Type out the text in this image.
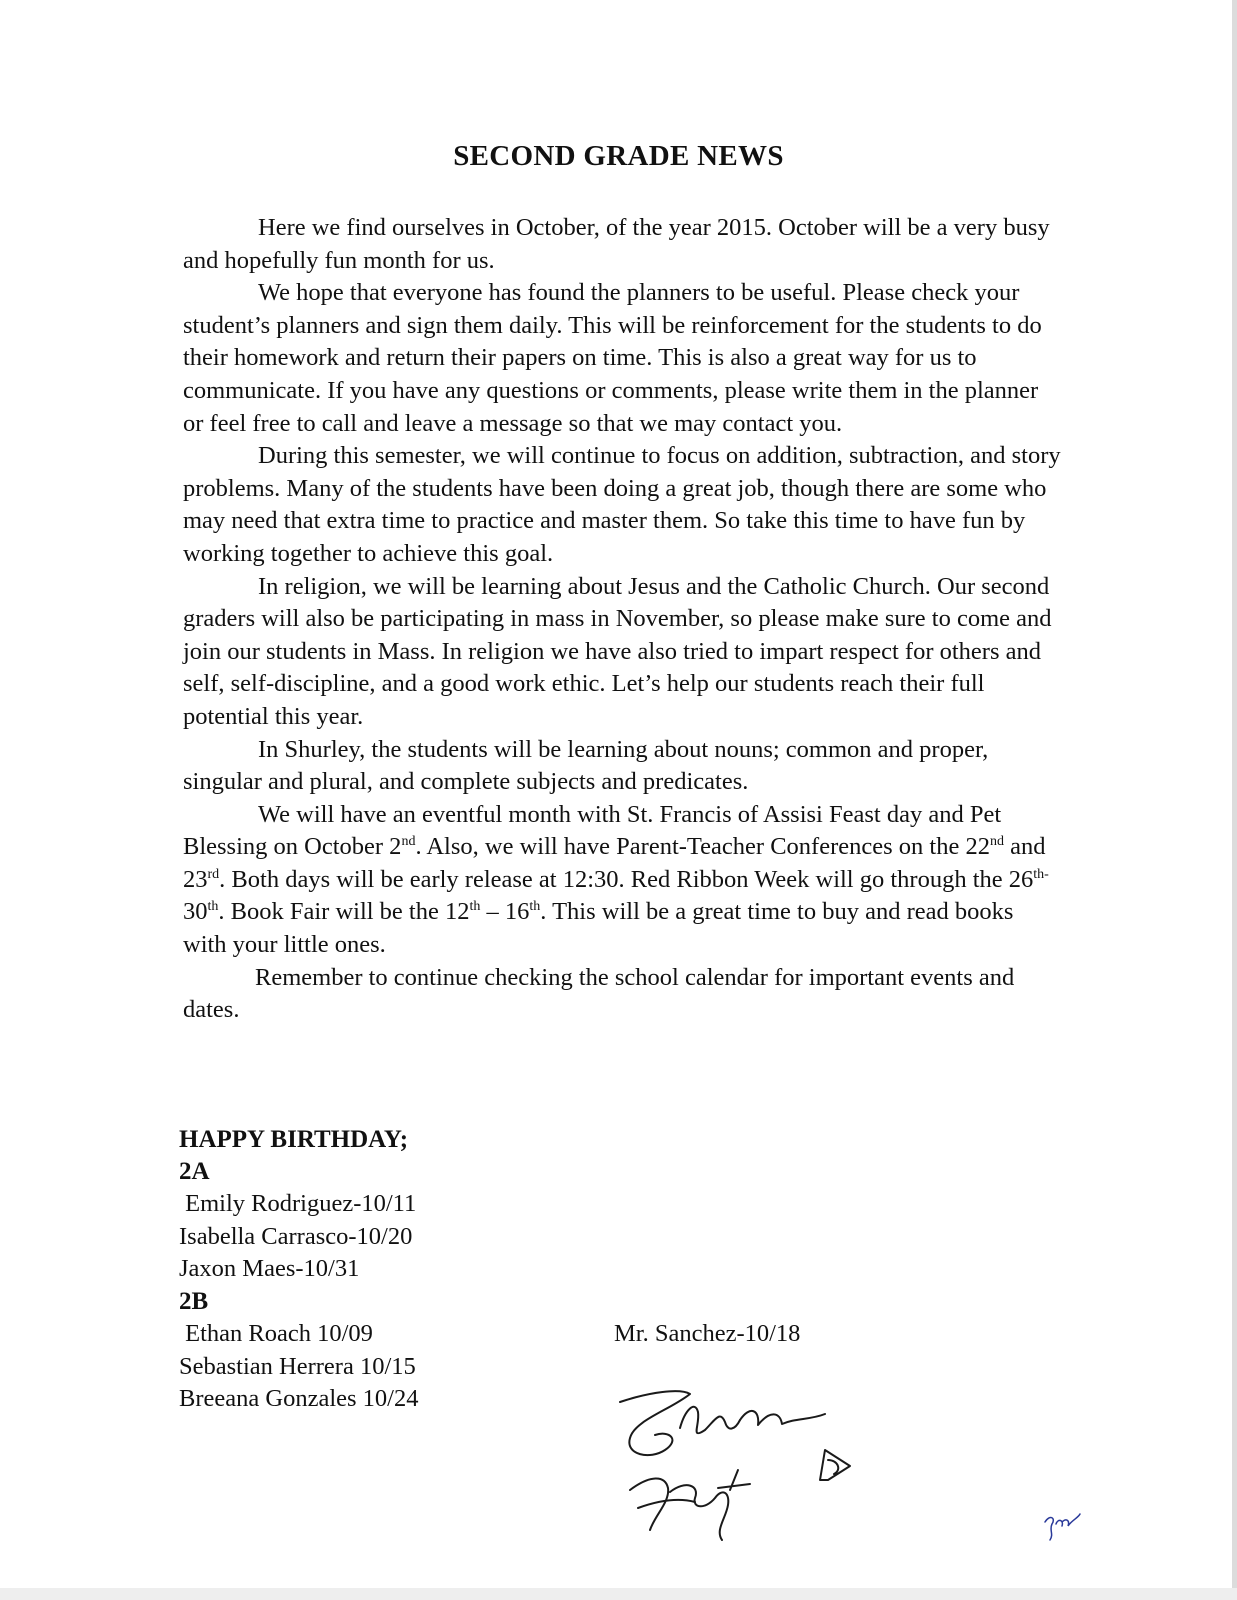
SECOND GRADE NEWS

Here we find ourselves in October, of the year 2015. October will be a very busy and hopefully fun month for us.

We hope that everyone has found the planners to be useful. Please check your student’s planners and sign them daily. This will be reinforcement for the students to do their homework and return their papers on time. This is also a great way for us to communicate. If you have any questions or comments, please write them in the planner or feel free to call and leave a message so that we may contact you.

During this semester, we will continue to focus on addition, subtraction, and story problems. Many of the students have been doing a great job, though there are some who may need that extra time to practice and master them. So take this time to have fun by working together to achieve this goal.

In religion, we will be learning about Jesus and the Catholic Church. Our second graders will also be participating in mass in November, so please make sure to come and join our students in Mass. In religion we have also tried to impart respect for others and self, self-discipline, and a good work ethic. Let’s help our students reach their full potential this year.

In Shurley, the students will be learning about nouns; common and proper, singular and plural, and complete subjects and predicates.

We will have an eventful month with St. Francis of Assisi Feast day and Pet Blessing on October 2nd. Also, we will have Parent-Teacher Conferences on the 22nd and 23rd. Both days will be early release at 12:30. Red Ribbon Week will go through the $26^{th-}$ 30th. Book Fair will be the 12th – 16th. This will be a great time to buy and read books with your little ones.

Remember to continue checking the school calendar for important events and dates.

HAPPY BIRTHDAY;
2A
Emily Rodriguez-10/11
Isabella Carrasco-10/20
Jaxon Maes-10/31
2B
Ethan Roach 10/09
Sebastian Herrera 10/15
Breeana Gonzales 10/24
Mr. Sanchez-10/18
